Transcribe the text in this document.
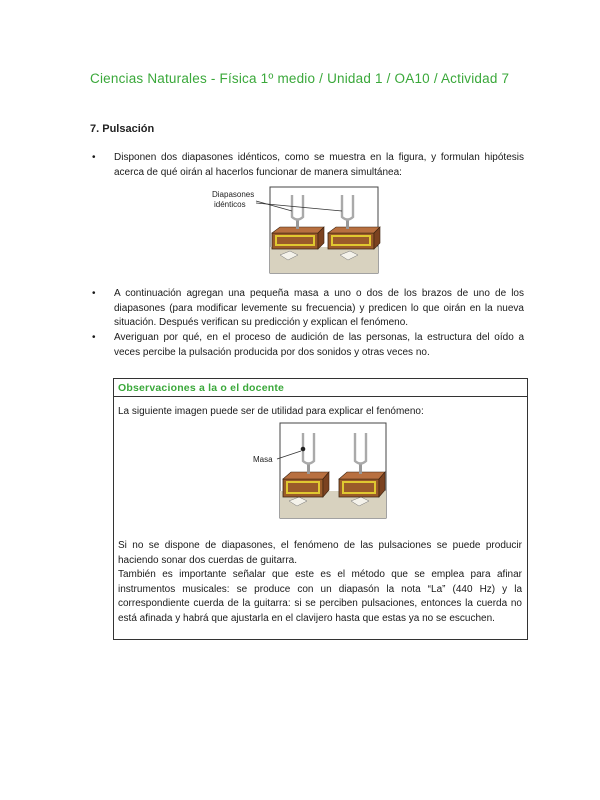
Ciencias Naturales - Física 1º medio / Unidad 1 / OA10 / Actividad 7
7. Pulsación
• Disponen dos diapasones idénticos, como se muestra en la figura, y formulan hipótesis acerca de qué oirán al hacerlos funcionar de manera simultánea:
• A continuación agregan una pequeña masa a uno o dos de los brazos de uno de los diapasones (para modificar levemente su frecuencia) y predicen lo que oirán en la nueva situación. Después verifican su predicción y explican el fenómeno.
• Averiguan por qué, en el proceso de audición de las personas, la estructura del oído a veces percibe la pulsación producida por dos sonidos y otras veces no.
Diapasones
idénticos
Observaciones a la o el docente
La siguiente imagen puede ser de utilidad para explicar el fenómeno:

Si no se dispone de diapasones, el fenómeno de las pulsaciones se puede producir haciendo sonar dos cuerdas de guitarra.

También es importante señalar que este es el método que se emplea para afinar instrumentos musicales: se produce con un diapasón la nota “La” (440 Hz) y la correspondiente cuerda de la guitarra: si se perciben pulsaciones, entonces la cuerda no está afinada y habrá que ajustarla en el clavijero hasta que estas ya no se escuchen.

Masa
